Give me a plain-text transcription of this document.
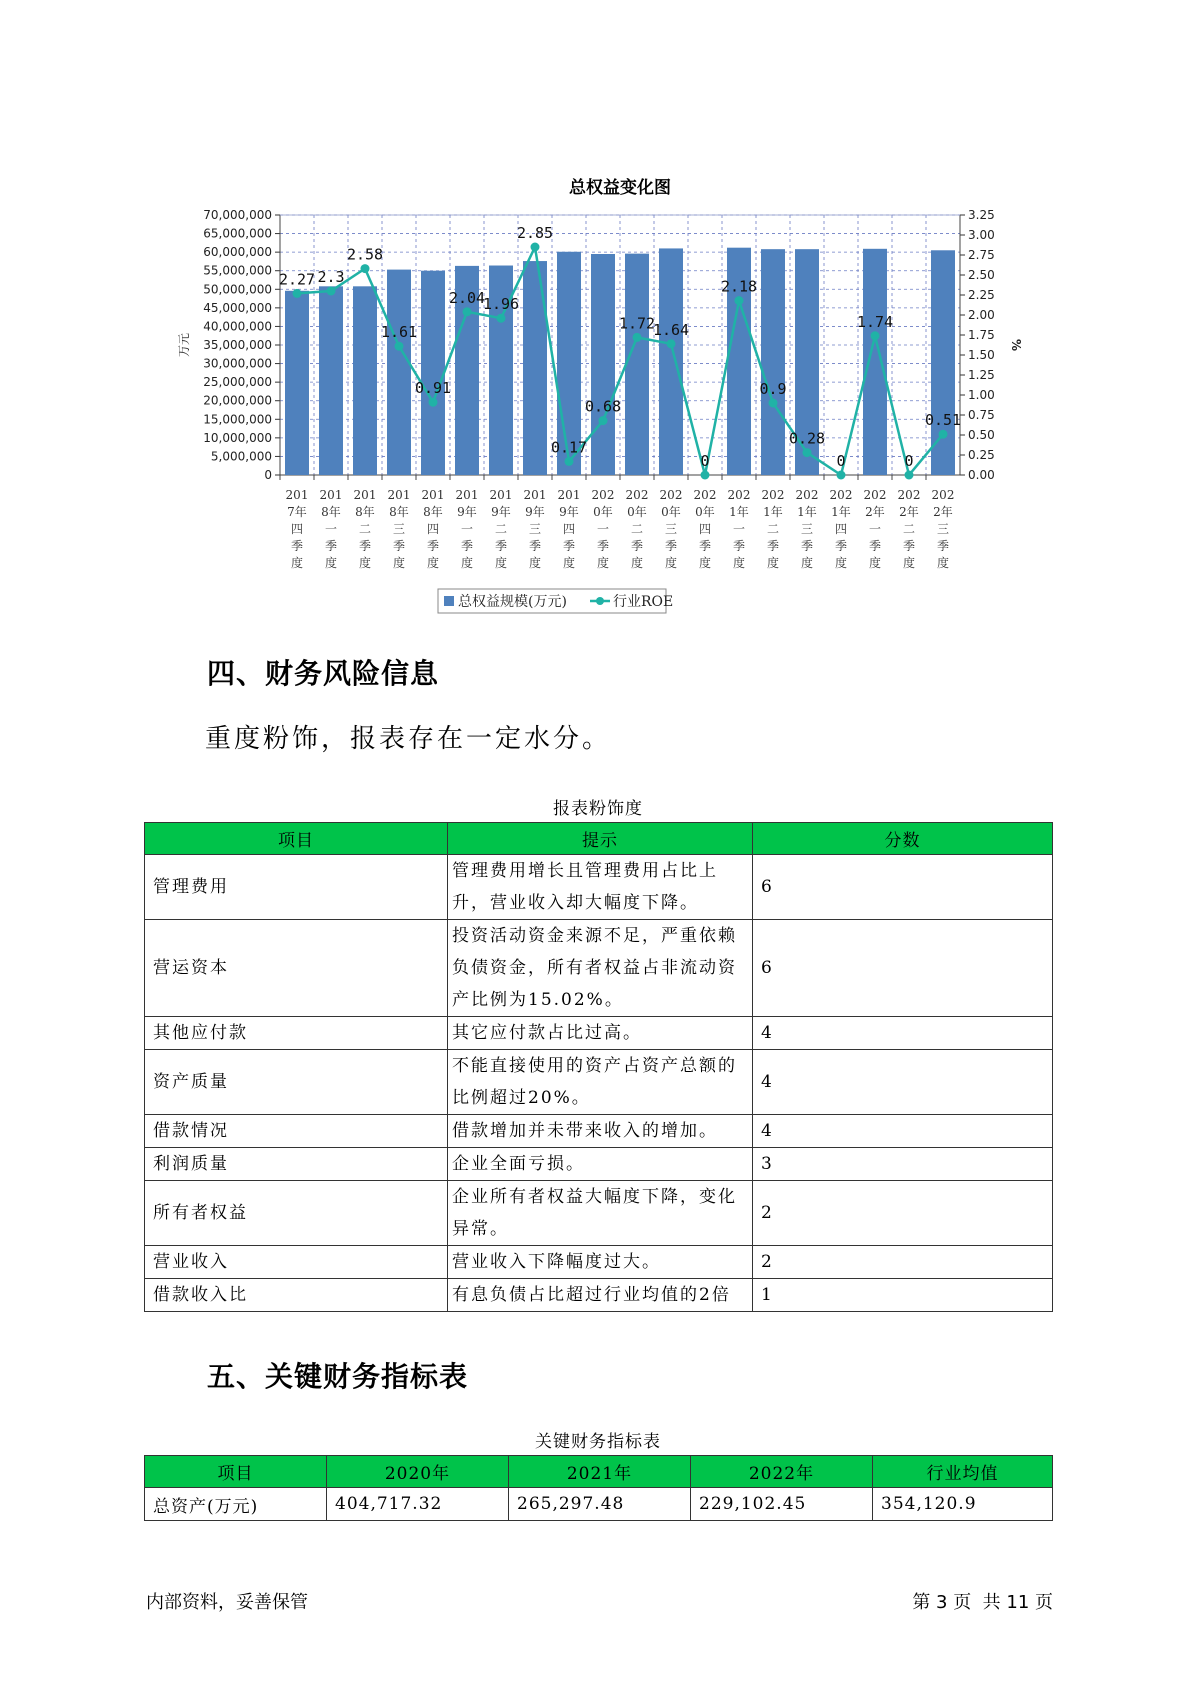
总权益变化图
0
5,000,000
10,000,000
15,000,000
20,000,000
25,000,000
30,000,000
35,000,000
40,000,000
45,000,000
50,000,000
55,000,000
60,000,000
65,000,000
70,000,000
0.00
0.25
0.50
0.75
1.00
1.25
1.50
1.75
2.00
2.25
2.50
2.75
3.00
3.25
万元	%
201
7年
四
季
度
201
8年
一
季
度
201
8年
二
季
度
201
8年
三
季
度
201
8年
四
季
度
201
9年
一
季
度
201
9年
二
季
度
201
9年
三
季
度
201
9年
四
季
度
202
0年
一
季
度
202
0年
二
季
度
202
0年
三
季
度
202
0年
四
季
度
202
1年
一
季
度
202
1年
二
季
度
202
1年
三
季
度
202
1年
四
季
度
202
2年
一
季
度
202
2年
二
季
度
202
2年
三
季
度
2.27 2.3
2.58
1.61
0.91
2.04
1.96
2.85
0.17
0.68
1.72
1.64
0
2.18
0.9
0.28
0
1.74
0
0.51
总权益规模(万元)	行业ROE
四、财务风险信息
重度粉饰，报表存在一定水分。
报表粉饰度
项目	提示	分数
管理费用	管理费用增长且管理费用占比上升，营业收入却大幅度下降。	6
营运资本	投资活动资金来源不足，严重依赖负债资金，所有者权益占非流动资产比例为15.02%。	6
其他应付款	其它应付款占比过高。	4
资产质量	不能直接使用的资产占资产总额的比例超过20%。	4
借款情况	借款增加并未带来收入的增加。	4
利润质量	企业全面亏损。	3
所有者权益	企业所有者权益大幅度下降，变化异常。	2
营业收入	营业收入下降幅度过大。	2
借款收入比	有息负债占比超过行业均值的2倍	1
五、关键财务指标表
关键财务指标表
项目	2020年	2021年	2022年	行业均值
总资产(万元)	404,717.32	265,297.48	229,102.45	354,120.9
内部资料，妥善保管	第 3 页  共 11 页
